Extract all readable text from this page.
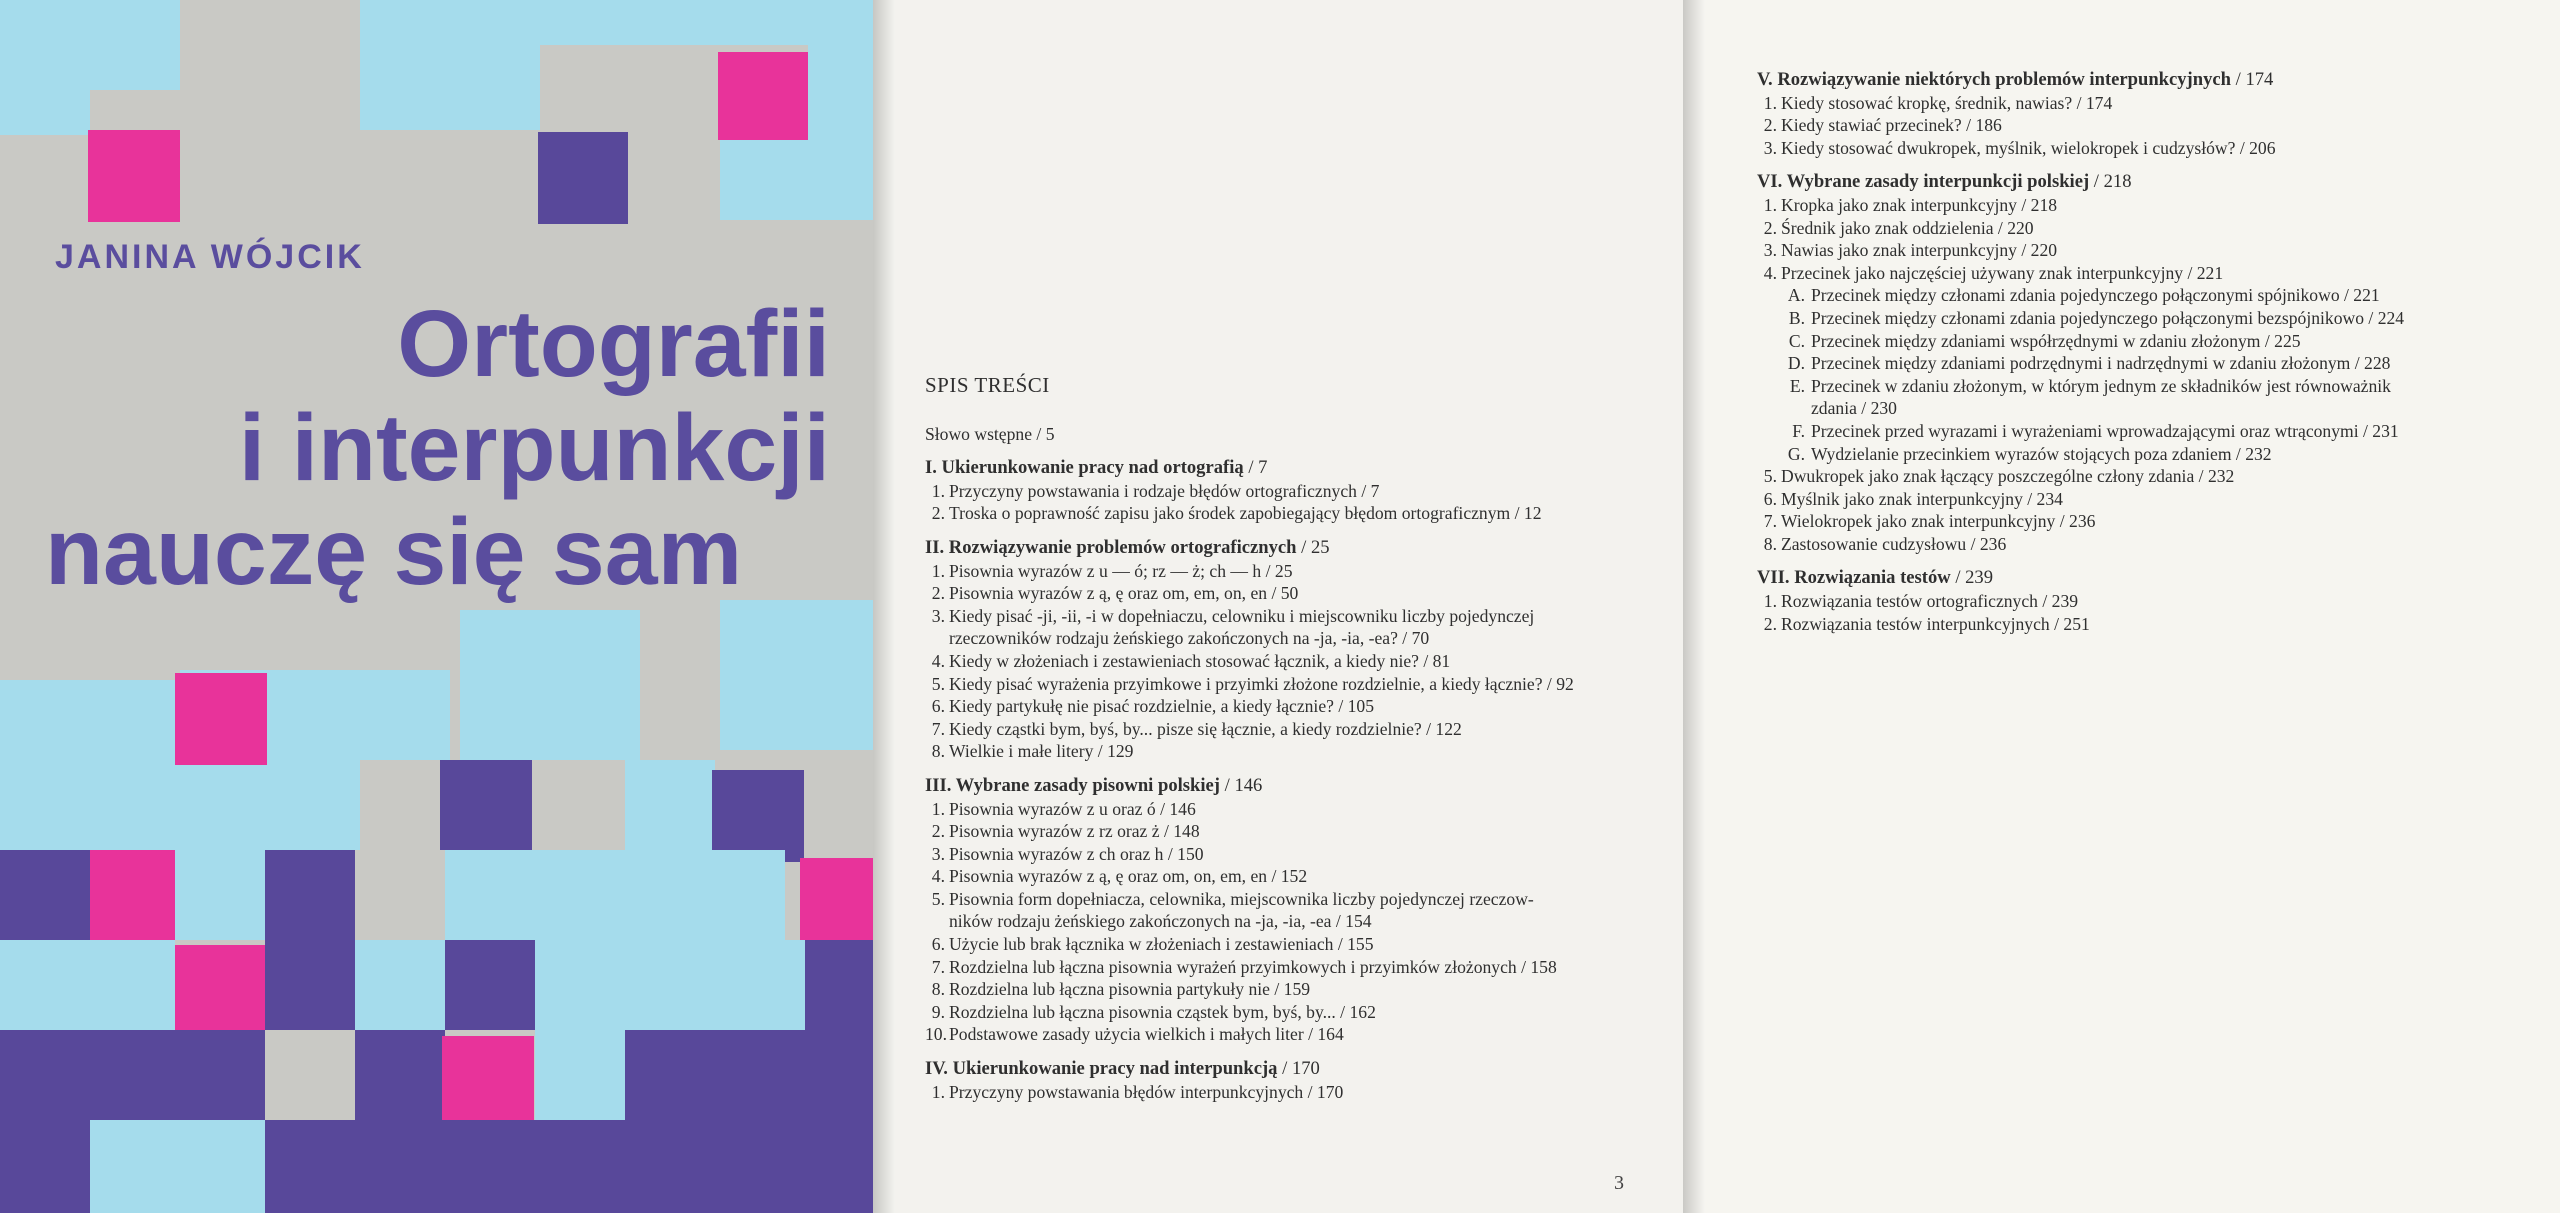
JANINA WÓJCIK
Ortografii
i interpunkcji
nauczę się sam
SPIS TREŚCI
Słowo wstępne / 5
I. Ukierunkowanie pracy nad ortografią / 7
1. Przyczyny powstawania i rodzaje błędów ortograficznych / 7
2. Troska o poprawność zapisu jako środek zapobiegający błędom ortograficznym / 12
II. Rozwiązywanie problemów ortograficznych / 25
1. Pisownia wyrazów z u — ó; rz — ż; ch — h / 25
2. Pisownia wyrazów z ą, ę oraz om, em, on, en / 50
3. Kiedy pisać -ji, -ii, -i w dopełniaczu, celowniku i miejscowniku liczby pojedynczej
rzeczowników rodzaju żeńskiego zakończonych na -ja, -ia, -ea? / 70
4. Kiedy w złożeniach i zestawieniach stosować łącznik, a kiedy nie? / 81
5. Kiedy pisać wyrażenia przyimkowe i przyimki złożone rozdzielnie, a kiedy łącznie? / 92
6. Kiedy partykułę nie pisać rozdzielnie, a kiedy łącznie? / 105
7. Kiedy cząstki bym, byś, by... pisze się łącznie, a kiedy rozdzielnie? / 122
8. Wielkie i małe litery / 129
III. Wybrane zasady pisowni polskiej / 146
1. Pisownia wyrazów z u oraz ó / 146
2. Pisownia wyrazów z rz oraz ż / 148
3. Pisownia wyrazów z ch oraz h / 150
4. Pisownia wyrazów z ą, ę oraz om, on, em, en / 152
5. Pisownia form dopełniacza, celownika, miejscownika liczby pojedynczej rzeczow-
ników rodzaju żeńskiego zakończonych na -ja, -ia, -ea / 154
6. Użycie lub brak łącznika w złożeniach i zestawieniach / 155
7. Rozdzielna lub łączna pisownia wyrażeń przyimkowych i przyimków złożonych / 158
8. Rozdzielna lub łączna pisownia partykuły nie / 159
9. Rozdzielna lub łączna pisownia cząstek bym, byś, by... / 162
10. Podstawowe zasady użycia wielkich i małych liter / 164
IV. Ukierunkowanie pracy nad interpunkcją / 170
1. Przyczyny powstawania błędów interpunkcyjnych / 170
3
V. Rozwiązywanie niektórych problemów interpunkcyjnych / 174
1. Kiedy stosować kropkę, średnik, nawias? / 174
2. Kiedy stawiać przecinek? / 186
3. Kiedy stosować dwukropek, myślnik, wielokropek i cudzysłów? / 206
VI. Wybrane zasady interpunkcji polskiej / 218
1. Kropka jako znak interpunkcyjny / 218
2. Średnik jako znak oddzielenia / 220
3. Nawias jako znak interpunkcyjny / 220
4. Przecinek jako najczęściej używany znak interpunkcyjny / 221
A. Przecinek między członami zdania pojedynczego połączonymi spójnikowo / 221
B. Przecinek między członami zdania pojedynczego połączonymi bezspójnikowo / 224
C. Przecinek między zdaniami współrzędnymi w zdaniu złożonym / 225
D. Przecinek między zdaniami podrzędnymi i nadrzędnymi w zdaniu złożonym / 228
E. Przecinek w zdaniu złożonym, w którym jednym ze składników jest równoważnik
zdania / 230
F. Przecinek przed wyrazami i wyrażeniami wprowadzającymi oraz wtrąconymi / 231
G. Wydzielanie przecinkiem wyrazów stojących poza zdaniem / 232
5. Dwukropek jako znak łączący poszczególne człony zdania / 232
6. Myślnik jako znak interpunkcyjny / 234
7. Wielokropek jako znak interpunkcyjny / 236
8. Zastosowanie cudzysłowu / 236
VII. Rozwiązania testów / 239
1. Rozwiązania testów ortograficznych / 239
2. Rozwiązania testów interpunkcyjnych / 251
